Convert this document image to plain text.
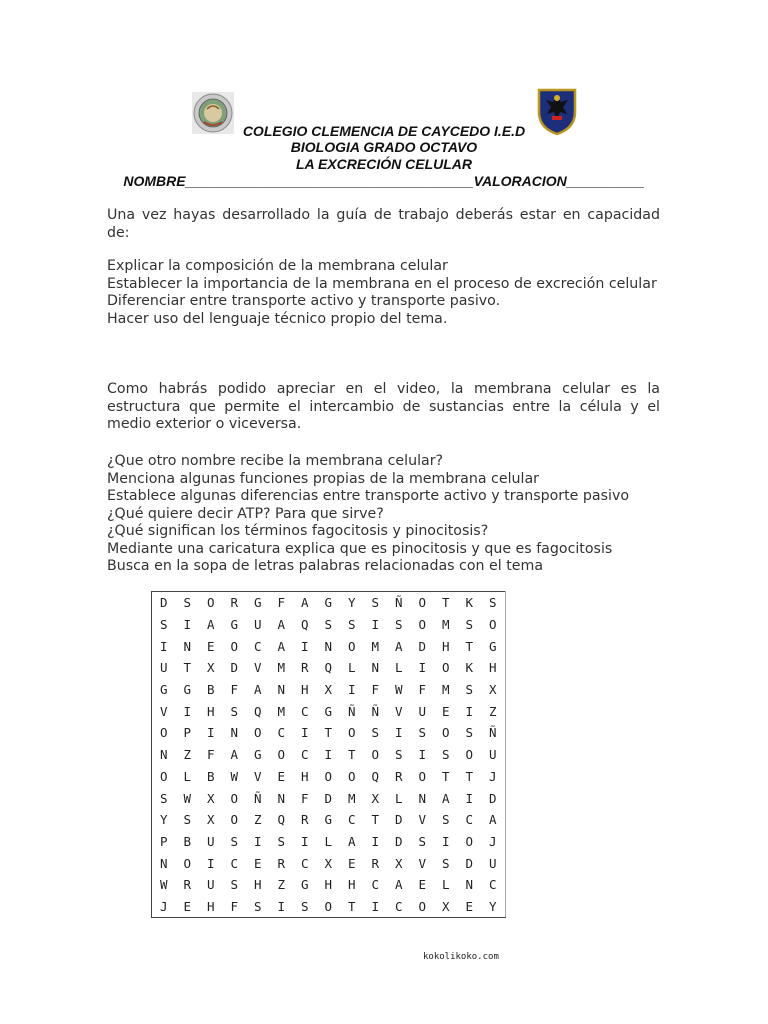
COLEGIO CLEMENCIA DE CAYCEDO I.E.D
BIOLOGIA GRADO OCTAVO
LA EXCRECIÓN CELULAR
NOMBRE_____________________________________VALORACION__________
Una vez hayas desarrollado la guía de trabajo deberás estar en capacidad de:
Explicar la composición de la membrana celular
Establecer la importancia de la membrana en el proceso de excreción celular
Diferenciar entre transporte activo y transporte pasivo.
Hacer uso del lenguaje técnico propio del tema.
Como habrás podido apreciar en el video, la membrana celular es la estructura que permite el intercambio de sustancias entre la célula y el medio exterior o viceversa.
¿Que otro nombre recibe la membrana celular?
Menciona algunas funciones propias de la membrana celular
Establece algunas diferencias entre transporte activo y transporte pasivo
¿Qué quiere decir ATP? Para que sirve?
¿Qué significan los términos fagocitosis y pinocitosis?
Mediante una caricatura explica que es pinocitosis y que es fagocitosis
Busca en la sopa de letras palabras relacionadas con el tema
D	S	O	R	G	F	A	G	Y	S	Ñ	O	T	K	S
S	I	A	G	U	A	Q	S	S	I	S	O	M	S	O
I	N	E	O	C	A	I	N	O	M	A	D	H	T	G
U	T	X	D	V	M	R	Q	L	N	L	I	O	K	H
G	G	B	F	A	N	H	X	I	F	W	F	M	S	X
V	I	H	S	Q	M	C	G	Ñ	Ñ	V	U	E	I	Z
O	P	I	N	O	C	I	T	O	S	I	S	O	S	Ñ
N	Z	F	A	G	O	C	I	T	O	S	I	S	O	U
O	L	B	W	V	E	H	O	O	Q	R	O	T	T	J
S	W	X	O	Ñ	N	F	D	M	X	L	N	A	I	D
Y	S	X	O	Z	Q	R	G	C	T	D	V	S	C	A
P	B	U	S	I	S	I	L	A	I	D	S	I	O	J
N	O	I	C	E	R	C	X	E	R	X	V	S	D	U
W	R	U	S	H	Z	G	H	H	C	A	E	L	N	C
J	E	H	F	S	I	S	O	T	I	C	O	X	E	Y
kokolikoko.com
